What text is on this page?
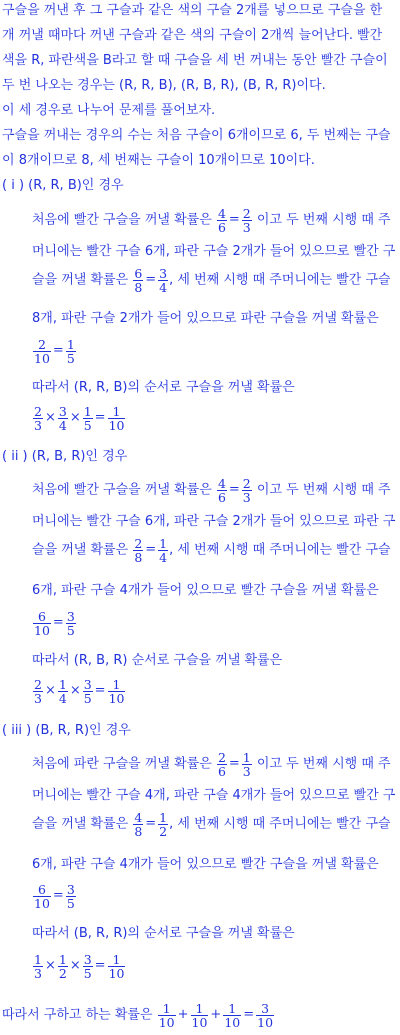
구슬을 꺼낸 후 그 구슬과 같은 색의 구슬 2개를 넣으므로 구슬을 한
개 꺼낼 때마다 꺼낸 구슬과 같은 색의 구슬이 2개씩 늘어난다. 빨간
색을 R, 파란색을 B라고 할 때 구슬을 세 번 꺼내는 동안 빨간 구슬이
두 번 나오는 경우는 (R, R, B), (R, B, R), (B, R, R)이다.
이 세 경우로 나누어 문제를 풀어보자.
구슬을 꺼내는 경우의 수는 처음 구슬이 6개이므로 6, 두 번째는 구슬
이 8개이므로 8, 세 번째는 구슬이 10개이므로 10이다.
( i ) (R, R, B)인 경우
처음에 빨간 구슬을 꺼낼 확률은 $\frac{4}{6} = \frac{2}{3}$ 이고 두 번째 시행 때 주
머니에는 빨간 구슬 6개, 파란 구슬 2개가 들어 있으므로 빨간 구
슬을 꺼낼 확률은 $\frac{6}{8} = \frac{3}{4}$ , 세 번째 시행 때 주머니에는 빨간 구슬
8개, 파란 구슬 2개가 들어 있으므로 파란 구슬을 꺼낼 확률은
$\frac{2}{10} = \frac{1}{5}$
따라서 (R, R, B)의 순서로 구슬을 꺼낼 확률은
$\frac{2}{3} \times \frac{3}{4} \times \frac{1}{5} = \frac{1}{10}$
( ii ) (R, B, R)인 경우
처음에 빨간 구슬을 꺼낼 확률은 $\frac{4}{6} = \frac{2}{3}$ 이고 두 번째 시행 때 주
머니에는 빨간 구슬 6개, 파란 구슬 2개가 들어 있으므로 파란 구
슬을 꺼낼 확률은 $\frac{2}{8} = \frac{1}{4}$ , 세 번째 시행 때 주머니에는 빨간 구슬
6개, 파란 구슬 4개가 들어 있으므로 빨간 구슬을 꺼낼 확률은
$\frac{6}{10} = \frac{3}{5}$
따라서 (R, B, R) 순서로 구슬을 꺼낼 확률은
$\frac{2}{3} \times \frac{1}{4} \times \frac{3}{5} = \frac{1}{10}$
( iii ) (B, R, R)인 경우
처음에 파란 구슬을 꺼낼 확률은 $\frac{2}{6} = \frac{1}{3}$ 이고 두 번째 시행 때 주
머니에는 빨간 구슬 4개, 파란 구슬 4개가 들어 있으므로 빨간 구
슬을 꺼낼 확률은 $\frac{4}{8} = \frac{1}{2}$ , 세 번째 시행 때 주머니에는 빨간 구슬
6개, 파란 구슬 4개가 들어 있으므로 빨간 구슬을 꺼낼 확률은
$\frac{6}{10} = \frac{3}{5}$
따라서 (B, R, R)의 순서로 구슬을 꺼낼 확률은
$\frac{1}{3} \times \frac{1}{2} \times \frac{3}{5} = \frac{1}{10}$
따라서 구하고 하는 확률은 $\frac{1}{10} + \frac{1}{10} + \frac{1}{10} = \frac{3}{10}$
